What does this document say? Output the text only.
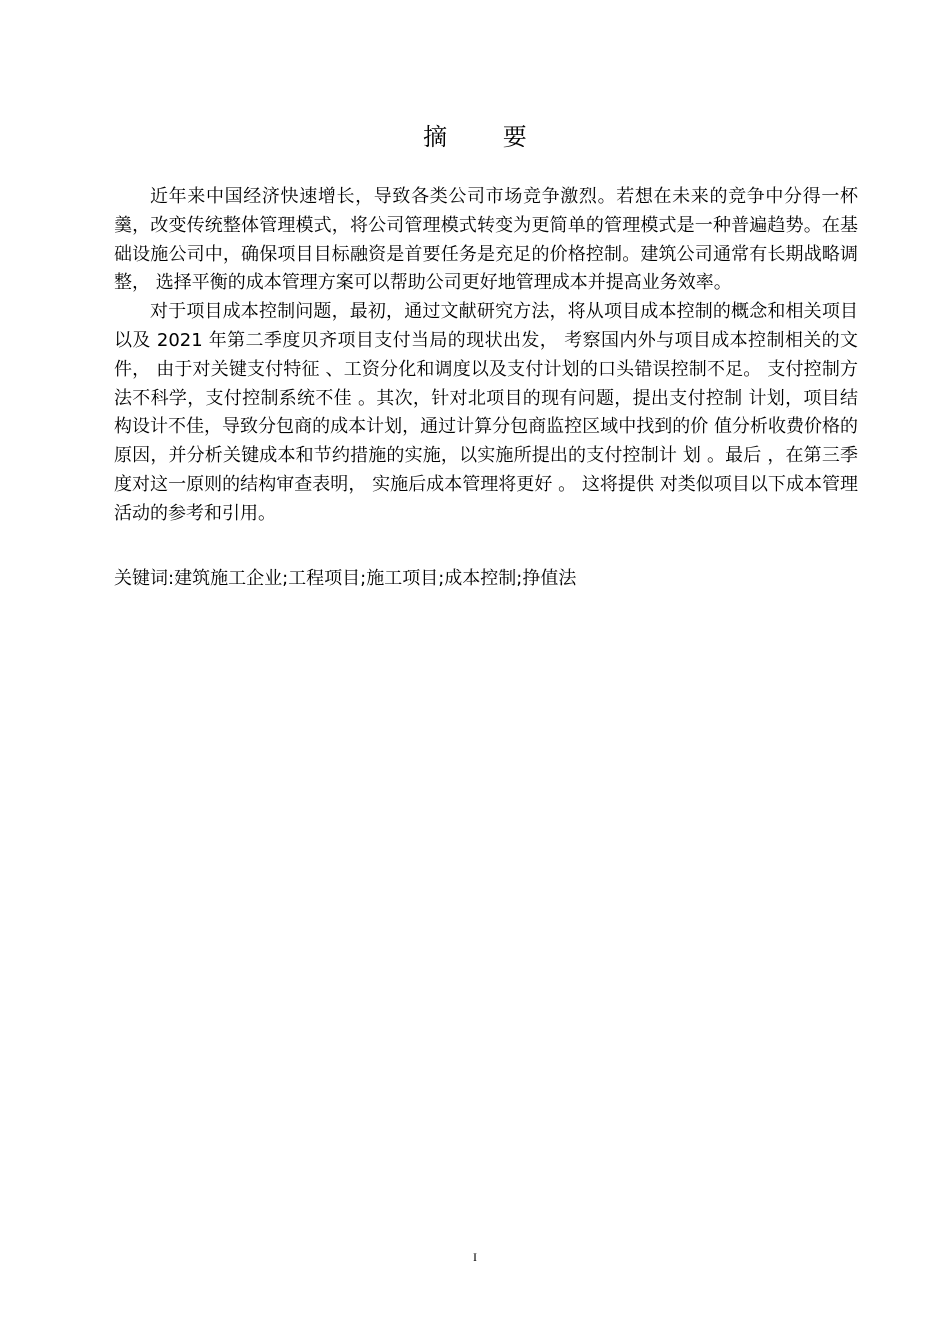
摘 要

近年来中国经济快速增长，导致各类公司市场竞争激烈。若想在未来的竞争中分得一杯羹，改变传统整体管理模式，将公司管理模式转变为更简单的管理模式是一种普遍趋势。在基础设施公司中，确保项目目标融资是首要任务是充足的价格控制。建筑公司通常有长期战略调整， 选择平衡的成本管理方案可以帮助公司更好地管理成本并提高业务效率。

对于项目成本控制问题，最初，通过文献研究方法，将从项目成本控制的概念和相关项目以及 2021 年第二季度贝齐项目支付当局的现状出发， 考察国内外与项目成本控制相关的文件， 由于对关键支付特征 、工资分化和调度以及支付计划的口头错误控制不足。 支付控制方法不科学，支付控制系统不佳 。其次，针对北项目的现有问题，提出支付控制 计划，项目结构设计不佳，导致分包商的成本计划，通过计算分包商监控区域中找到的价 值分析收费价格的原因，并分析关键成本和节约措施的实施，以实施所提出的支付控制计 划 。最后 ，在第三季度对这一原则的结构审查表明， 实施后成本管理将更好 。 这将提供 对类似项目以下成本管理活动的参考和引用。

关键词:建筑施工企业;工程项目;施工项目;成本控制;挣值法

I
